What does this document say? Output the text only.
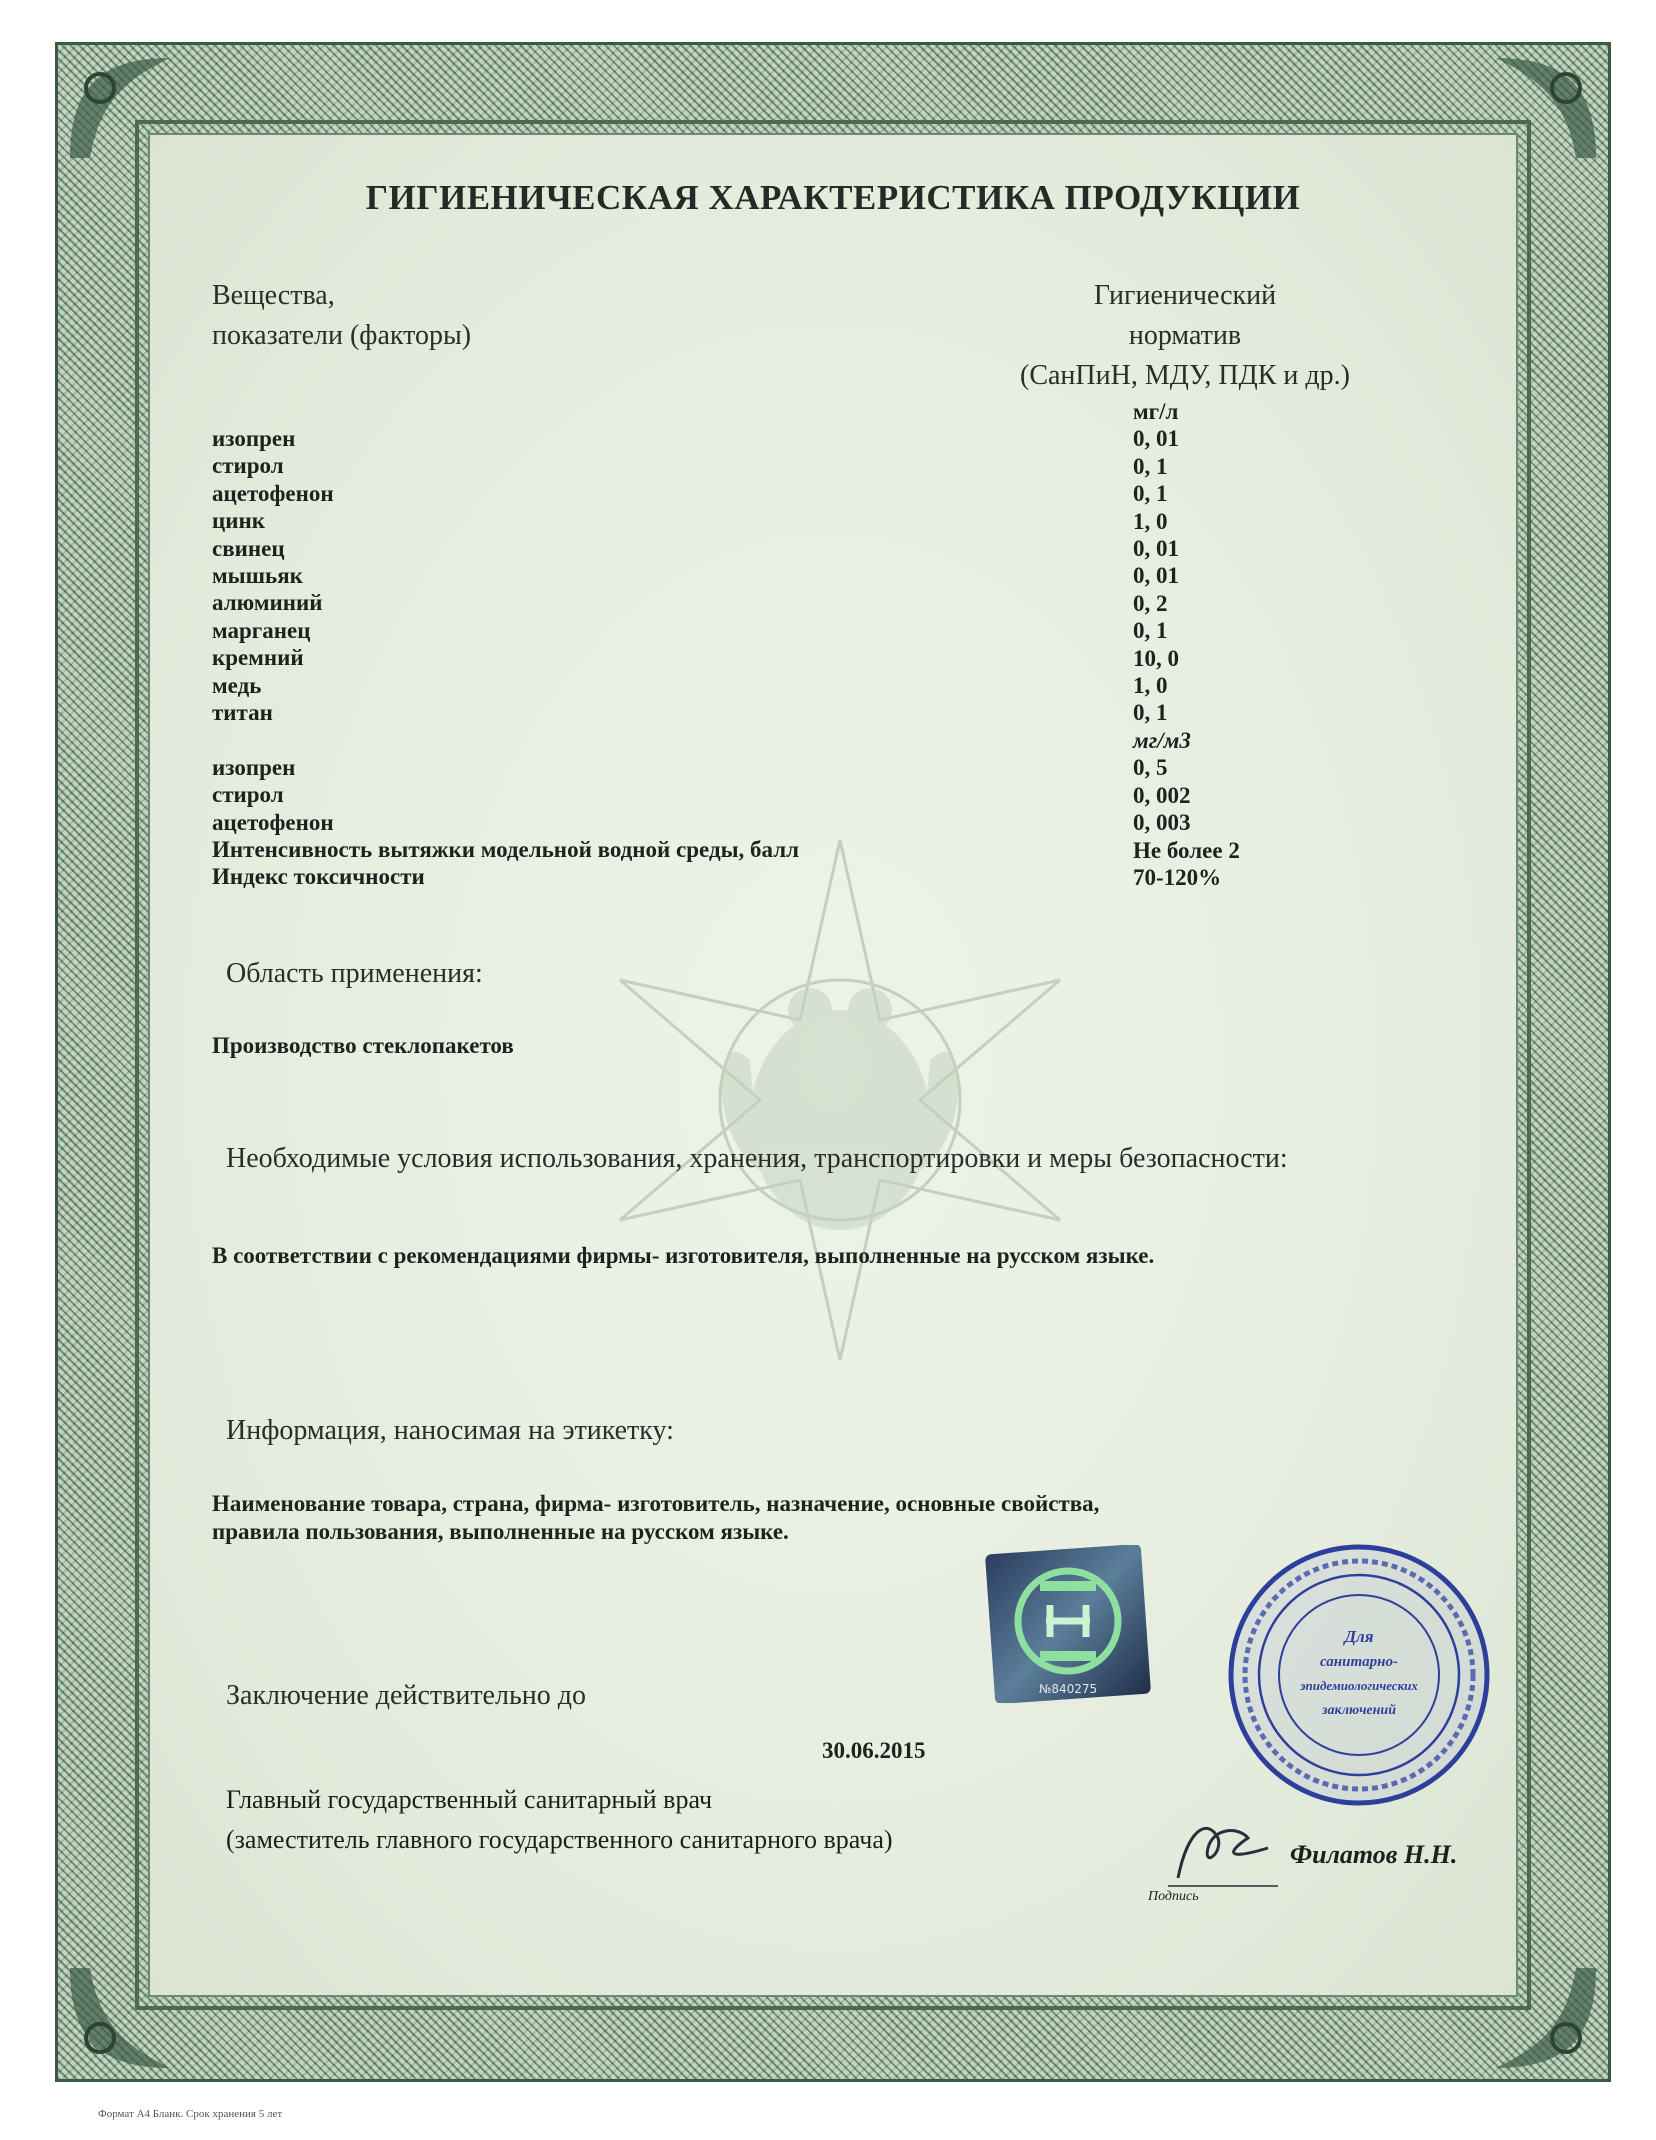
ГИГИЕНИЧЕСКАЯ ХАРАКТЕРИСТИКА ПРОДУКЦИИ
Вещества,
показатели (факторы)
Гигиенический
норматив
(СанПиН, МДУ, ПДК и др.)
изопрен
стирол
ацетофенон
цинк
свинец
мышьяк
алюминий
марганец
кремний
медь
титан
изопрен
стирол
ацетофенон
Интенсивность вытяжки модельной водной среды, балл
Индекс токсичности
мг/л
0, 01
0, 1
0, 1
1, 0
0, 01
0, 01
0, 2
0, 1
10, 0
1, 0
0, 1
мг/м3
0, 5
0, 002
0, 003
Не более 2
70-120%
Область применения:
Производство стеклопакетов
Необходимые условия использования, хранения, транспортировки и меры безопасности:
В соответствии с рекомендациями фирмы- изготовителя, выполненные на русском языке.
Информация, наносимая на этикетку:
Наименование товара, страна, фирма- изготовитель, назначение, основные свойства,
правила пользования, выполненные на русском языке.
№840275
Для
санитарно-
эпидемиологических
заключений
Заключение действительно до
30.06.2015
Главный государственный санитарный врач
(заместитель главного государственного санитарного врача)
Филатов Н.Н.
Подпись
Формат А4 Бланк. Срок хранения 5 лет
